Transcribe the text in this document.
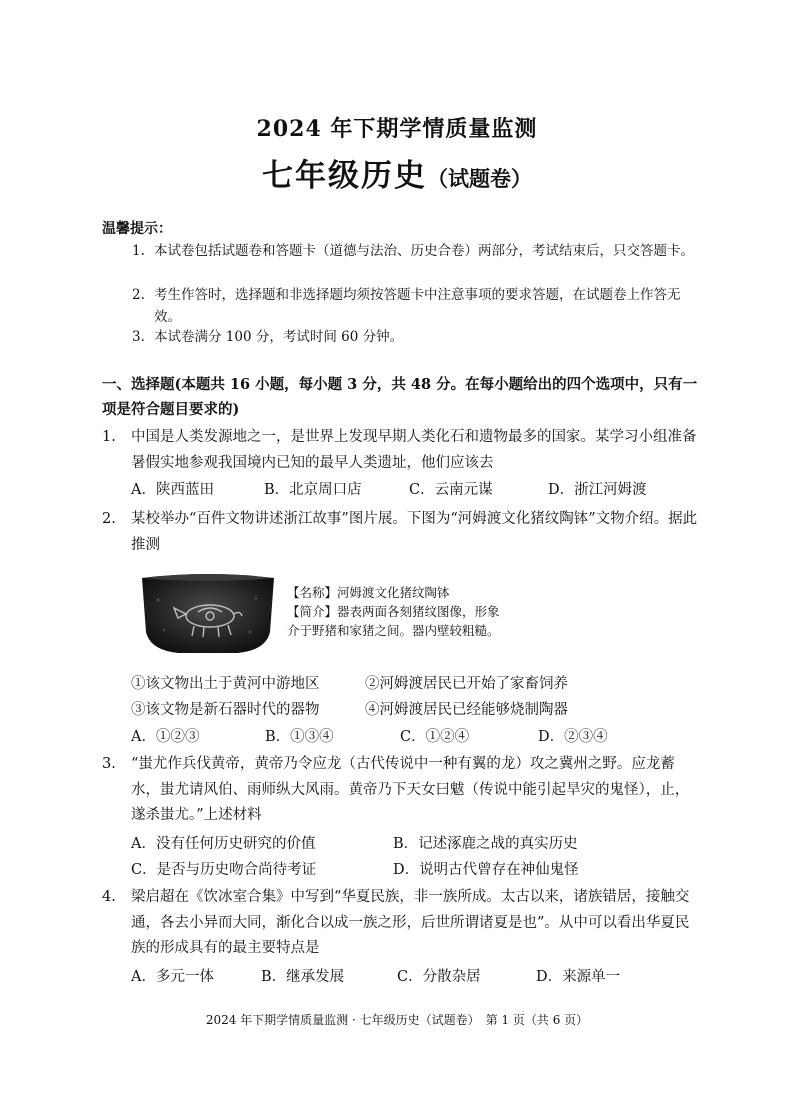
2024 年下期学情质量监测
七年级历史（试题卷）
温馨提示：
1. 本试卷包括试题卷和答题卡（道德与法治、历史合卷）两部分，考试结束后，只交答题卡。
2. 考生作答时，选择题和非选择题均须按答题卡中注意事项的要求答题，在试题卷上作答无效。
3. 本试卷满分 100 分，考试时间 60 分钟。
一、选择题(本题共 16 小题，每小题 3 分，共 48 分。在每小题给出的四个选项中，只有一项是符合题目要求的)
1.	中国是人类发源地之一，是世界上发现早期人类化石和遗物最多的国家。某学习小组准备暑假实地参观我国境内已知的最早人类遗址，他们应该去
A．陕西蓝田	B．北京周口店	C．云南元谋	D．浙江河姆渡
2.	某校举办“百件文物讲述浙江故事”图片展。下图为“河姆渡文化猪纹陶钵”文物介绍。据此推测
【名称】河姆渡文化猪纹陶钵
【简介】器表两面各刻猪纹图像，形象
介于野猪和家猪之间。器内壁较粗糙。
①该文物出土于黄河中游地区	②河姆渡居民已开始了家畜饲养
③该文物是新石器时代的器物	④河姆渡居民已经能够烧制陶器
A．①②③	B．①③④	C．①②④	D．②③④
3.	“蚩尤作兵伐黄帝，黄帝乃令应龙（古代传说中一种有翼的龙）攻之冀州之野。应龙蓄水，蚩尤请风伯、雨师纵大风雨。黄帝乃下天女曰魃（传说中能引起旱灾的鬼怪），止，遂杀蚩尤。”上述材料
A．没有任何历史研究的价值	B．记述涿鹿之战的真实历史
C．是否与历史吻合尚待考证	D．说明古代曾存在神仙鬼怪
4.	梁启超在《饮冰室合集》中写到“华夏民族，非一族所成。太古以来，诸族错居，接触交通，各去小异而大同，渐化合以成一族之形，后世所谓诸夏是也”。从中可以看出华夏民族的形成具有的最主要特点是
A．多元一体	B．继承发展	C．分散杂居	D．来源单一
2024 年下期学情质量监测 · 七年级历史（试题卷）　第 1 页（共 6 页）
